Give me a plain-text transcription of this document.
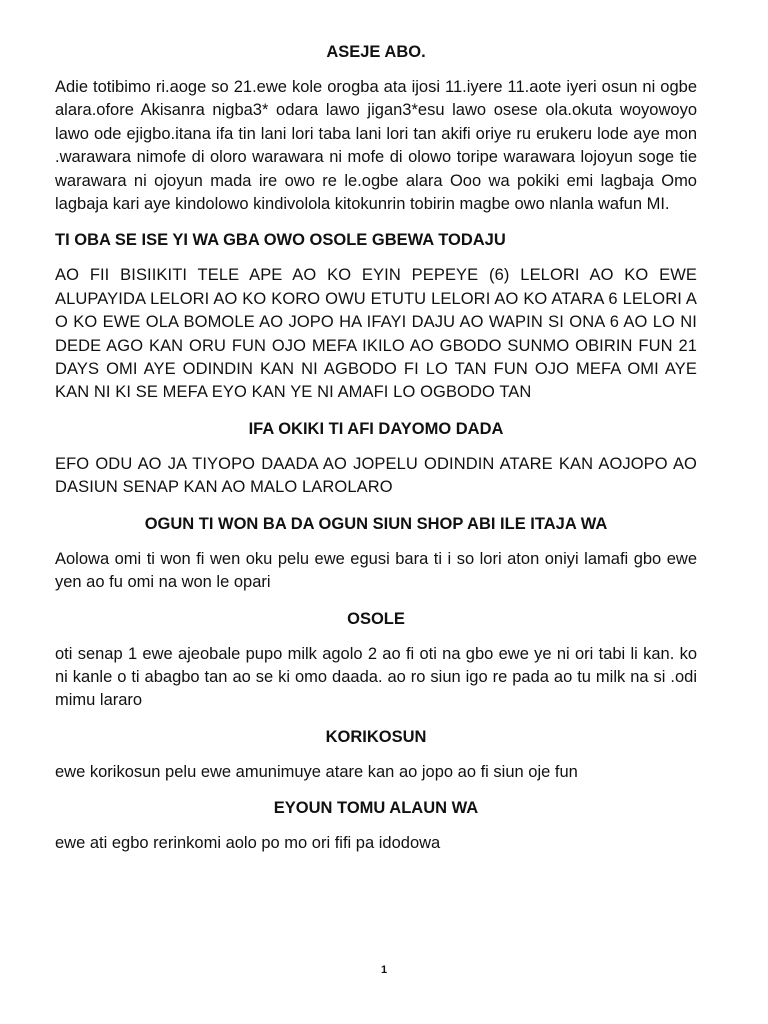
ASEJE ABO.
Adie totibimo ri.aoge so 21.ewe kole orogba ata ijosi 11.iyere 11.aote iyeri osun ni ogbe alara.ofore Akisanra nigba3* odara lawo jigan3*esu lawo osese ola.okuta woyowoyo lawo ode ejigbo.itana ifa tin lani lori taba lani lori tan akifi oriye ru erukeru lode aye mon .warawara nimofe di oloro warawara ni mofe di olowo toripe warawara lojoyun soge tie warawara ni ojoyun mada ire owo re le.ogbe alara Ooo wa pokiki emi lagbaja Omo lagbaja kari aye kindolowo kindivolola kitokunrin tobirin magbe owo nlanla wafun MI.
TI OBA SE ISE YI WA GBA OWO OSOLE GBEWA TODAJU
AO FII BISIIKITI TELE APE AO KO EYIN PEPEYE (6) LELORI AO KO EWE ALUPAYIDA LELORI AO KO KORO OWU ETUTU LELORI AO KO ATARA 6 LELORI A O KO EWE OLA BOMOLE AO JOPO HA IFAYI DAJU AO WAPIN SI ONA 6 AO LO NI DEDE AGO KAN ORU FUN OJO MEFA IKILO AO GBODO SUNMO OBIRIN FUN 21 DAYS OMI AYE ODINDIN KAN NI AGBODO FI LO TAN FUN OJO MEFA OMI AYE KAN NI KI SE MEFA EYO KAN YE NI AMAFI LO OGBODO TAN
IFA OKIKI TI AFI DAYOMO DADA
EFO ODU AO JA TIYOPO DAADA AO JOPELU ODINDIN ATARE KAN AOJOPO AO DASIUN SENAP KAN AO MALO LAROLARO
OGUN TI WON BA DA OGUN SIUN SHOP ABI ILE ITAJA WA
Aolowa omi ti won fi wen oku pelu ewe egusi bara ti i so lori aton oniyi lamafi gbo ewe yen ao fu omi na won le opari
OSOLE
oti senap 1 ewe ajeobale pupo milk agolo 2 ao fi oti na gbo ewe ye ni ori tabi li kan. ko ni kanle o ti abagbo tan ao se ki omo daada. ao ro siun igo re pada ao tu milk na si .odi mimu lararo
KORIKOSUN
ewe korikosun pelu ewe amunimuye atare kan ao jopo ao fi siun oje fun
EYOUN TOMU ALAUN WA
ewe ati egbo rerinkomi aolo po mo ori fifi pa idodowa
1
